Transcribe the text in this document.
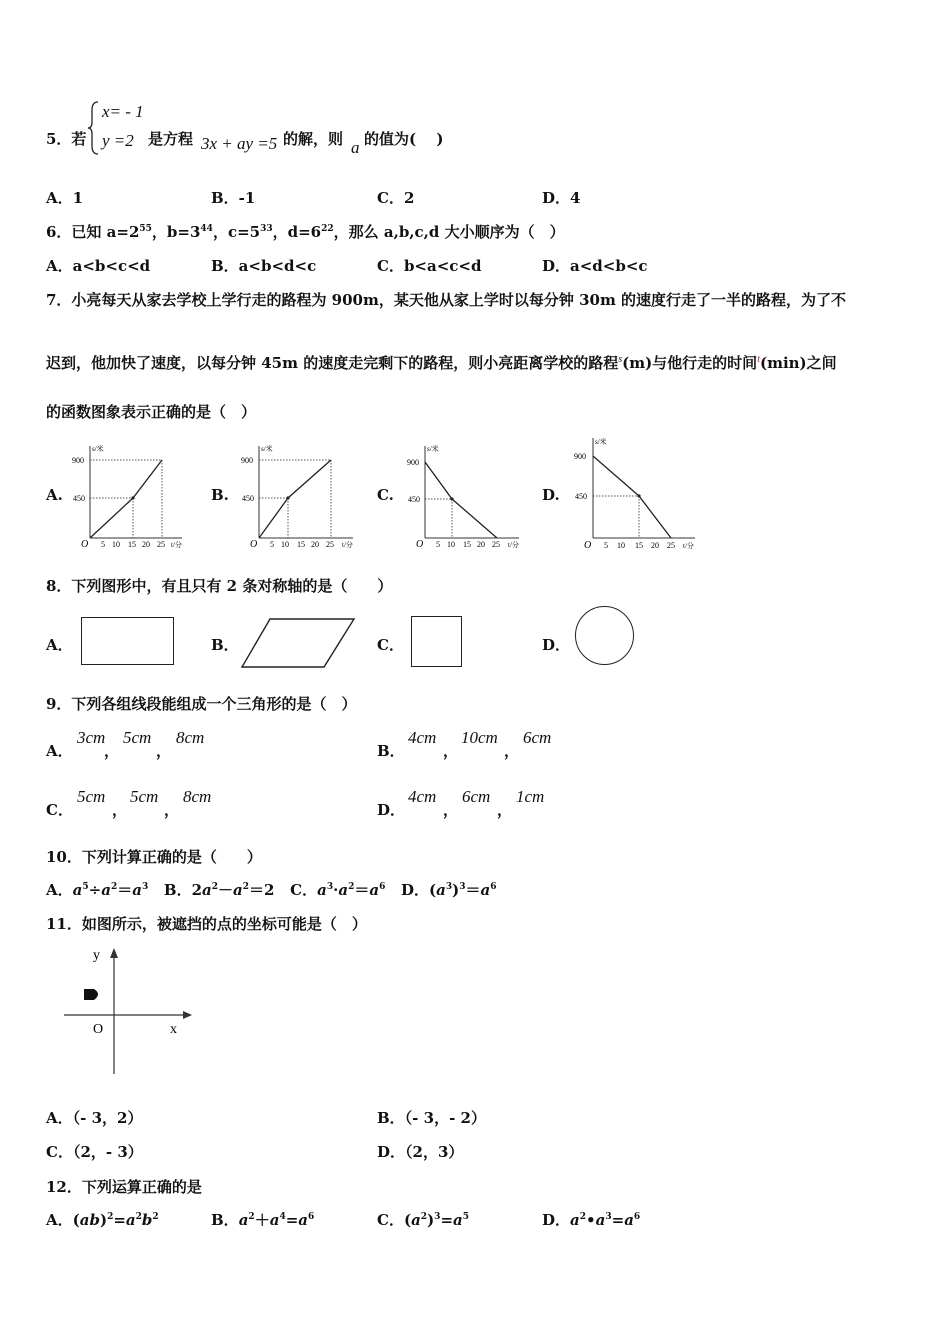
5．若
x= - 1
y =2 是方程 3x + ay =5 的解，则 a 的值为(　 )
A．1	B．-1	C．2	D．4
6．已知 $a=2^{55}$，$b=3^{44}$，$c=5^{33}$，$d=6^{22}$，那么 a,b,c,d 大小顺序为（　）
A．a<b<c<d	B．a<b<d<c	C．b<a<c<d	D．a<d<b<c
7．小亮每天从家去学校上学行走的路程为 900m，某天他从家上学时以每分钟 30m 的速度行走了一半的路程，为了不
迟到，他加快了速度，以每分钟 45m 的速度走完剩下的路程，则小亮距离学校的路程$^s$(m)与他行走的时间$^t$(min)之间
的函数图象表示正确的是（　）
A.	B.	C.	D.
900
450
s/米
O 5 10 15 20 25 t/分
900
450
s/米
O 5 10 15 20 25 t/分
900
450
s/米
O 5 10 15 20 25 t/分
900
450
s/米
O 5 10 15 20 25 t/分
8．下列图形中，有且只有 2 条对称轴的是（　　）
A．	B．	C．	D．
9．下列各组线段能组成一个三角形的是（　）
A．
3cm
，
5cm
，
8cm
B．
4cm
，
10cm
，
6cm
C．
5cm
，
5cm
，
8cm
D．
4cm
，
6cm
，
1cm
10．下列计算正确的是（　　）
A．$a^5\div a^2=a^3$ B．$2a^2-a^2=2$ C．$a^3\cdot a^2=a^6$ D．$(a^3)^3=a^6$
11．如图所示，被遮挡的点的坐标可能是（　）
y
x
O
A．（- 3，2）	B．（- 3，- 2）
C．（2，- 3）	D．（2，3）
12．下列运算正确的是
A．$(ab)^2=a^2b^2$	B．$a^2+a^4=a^6$	C．$(a^2)^3=a^5$	D．$a^2•a^3=a^6$
